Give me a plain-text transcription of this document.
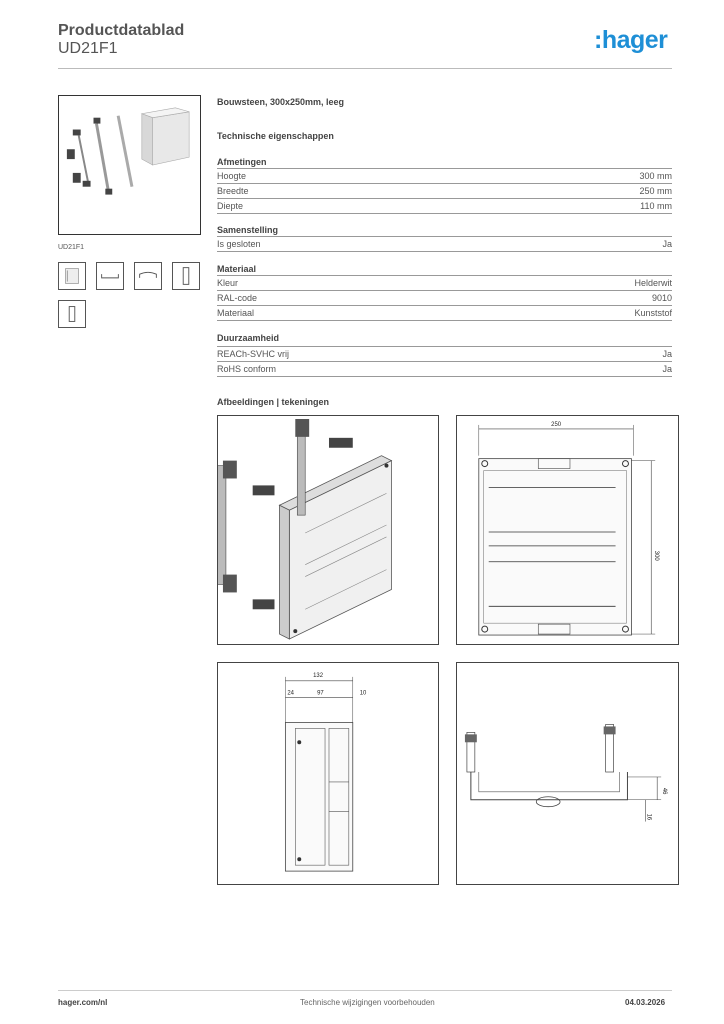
Productdatablad
UD21F1	:hager
UD21F1
Bouwsteen, 300x250mm, leeg
Technische eigenschappen
Afmetingen
Hoogte	300 mm
Breedte	250 mm
Diepte	110 mm
Samenstelling
Is gesloten	Ja
Materiaal
Kleur	Helderwit
RAL-code	9010
Materiaal	Kunststof
Duurzaamheid
REACh-SVHC vrij	Ja
RoHS conform	Ja
Afbeeldingen | tekeningen
250
300
132
24	97	10
46
16
hager.com/nl	Technische wijzigingen voorbehouden	04.03.2026
